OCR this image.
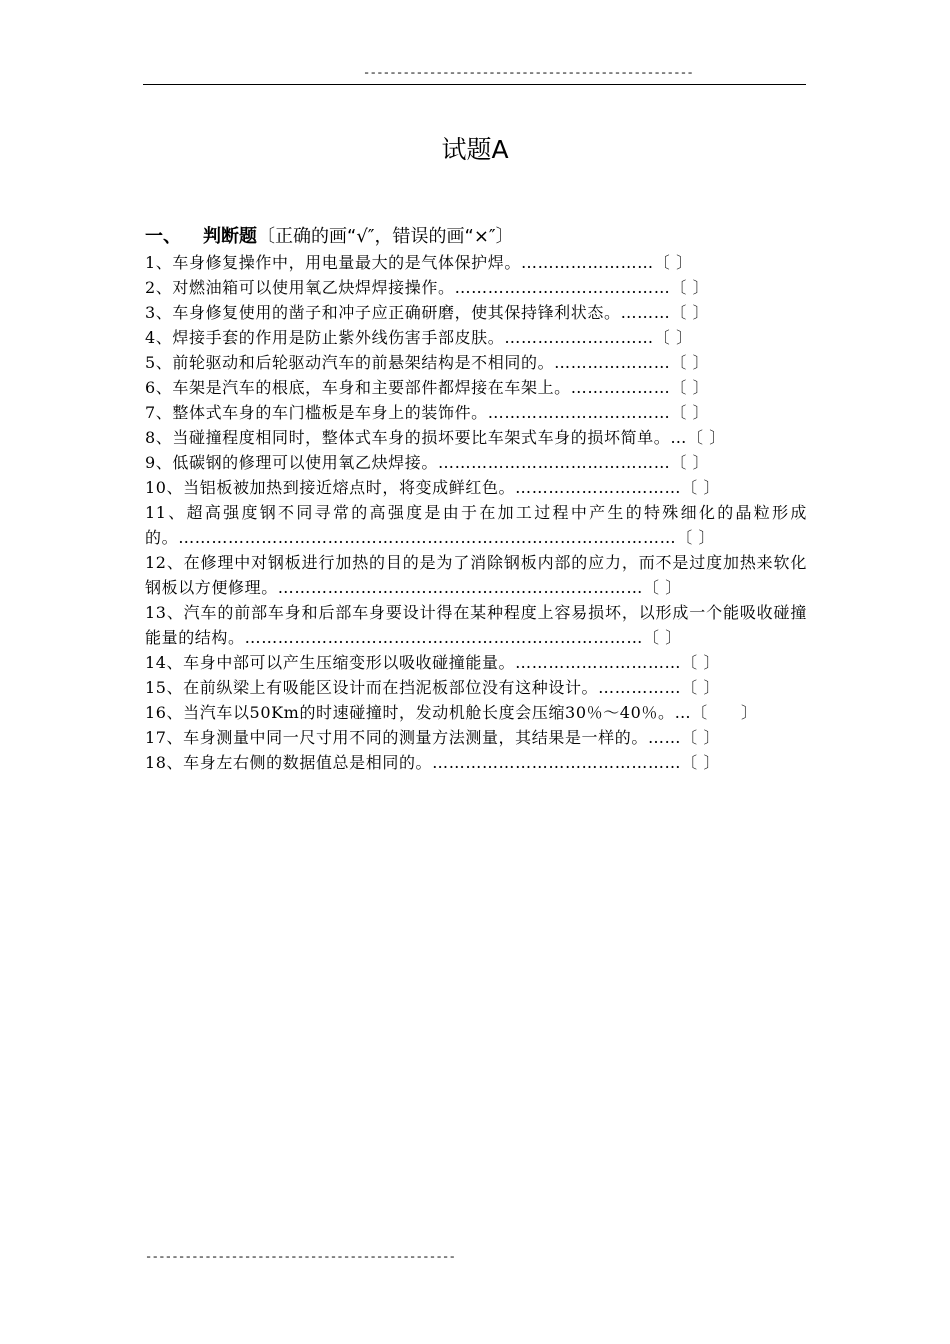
--------------------------------------------------
试题A
一、 判断题〔正确的画“√″，错误的画“×″〕

1、车身修复操作中，用电量最大的是气体保护焊。……………………〔 〕

2、对燃油箱可以使用氧乙炔焊焊接操作。…………………………………〔 〕

3、车身修复使用的凿子和冲子应正确研磨，使其保持锋利状态。………〔 〕

4、焊接手套的作用是防止紫外线伤害手部皮肤。………………………〔 〕

5、前轮驱动和后轮驱动汽车的前悬架结构是不相同的。…………………〔 〕

6、车架是汽车的根底，车身和主要部件都焊接在车架上。………………〔 〕

7、整体式车身的车门槛板是车身上的装饰件。……………………………〔 〕

8、当碰撞程度相同时，整体式车身的损坏要比车架式车身的损坏简单。…〔 〕

9、低碳钢的修理可以使用氧乙炔焊接。……………………………………〔 〕

10、当铝板被加热到接近熔点时，将变成鲜红色。…………………………〔 〕

11、超高强度钢不同寻常的高强度是由于在加工过程中产生的特殊细化的晶粒形成的。………………………………………………………………………………〔 〕

12、在修理中对钢板进行加热的目的是为了消除钢板内部的应力，而不是过度加热来软化钢板以方便修理。…………………………………………………………〔 〕

13、汽车的前部车身和后部车身要设计得在某种程度上容易损坏，以形成一个能吸收碰撞能量的结构。………………………………………………………………〔 〕

14、车身中部可以产生压缩变形以吸收碰撞能量。…………………………〔 〕

15、在前纵梁上有吸能区设计而在挡泥板部位没有这种设计。……………〔 〕

16、当汽车以50Km的时速碰撞时，发动机舱长度会压缩30％～40％。…〔　　〕

17、车身测量中同一尺寸用不同的测量方法测量，其结果是一样的。……〔 〕

18、车身左右侧的数据值总是相同的。………………………………………〔 〕

-----------------------------------------------
